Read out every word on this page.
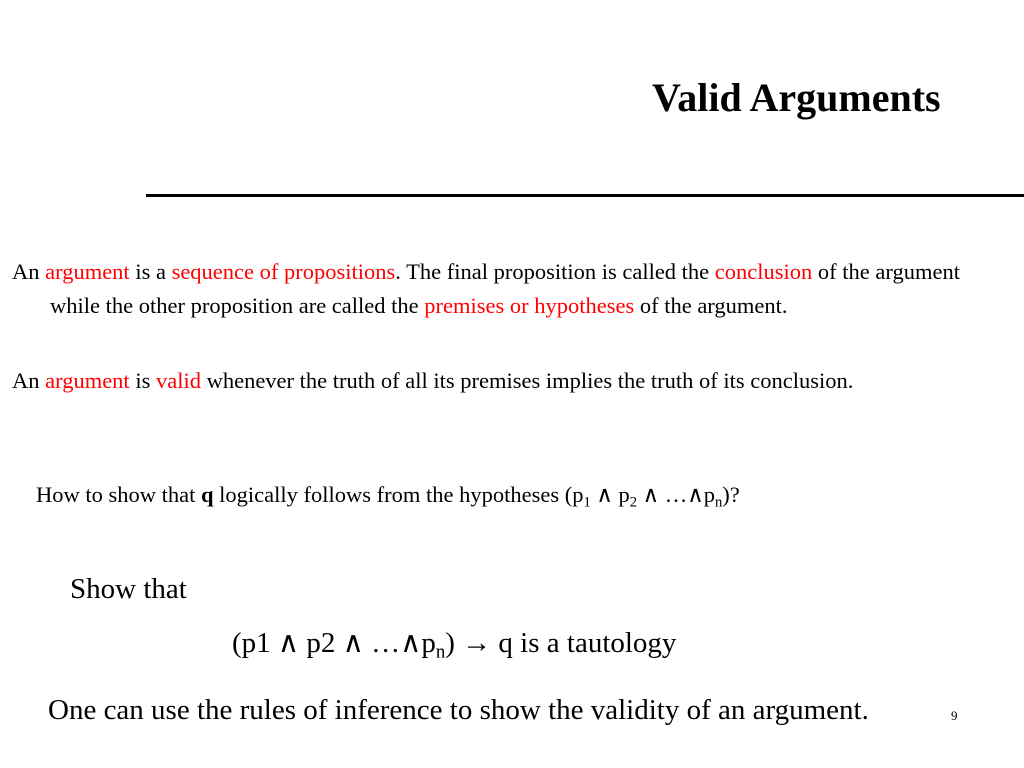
Valid Arguments
An argument is a sequence of propositions. The final proposition is called the conclusion of the argument while the other proposition are called the premises or hypotheses of the argument.
An argument is valid whenever the truth of all its premises implies the truth of its conclusion.
How to show that q logically follows from the hypotheses ($p_1$ ∧ $p_2$ ∧ $\dots\wedge p_n$)?
Show that
(p1 ∧ p2 ∧ $\dots\wedge p_n) \to q$ is a tautology
One can use the rules of inference to show the validity of an argument.	9
